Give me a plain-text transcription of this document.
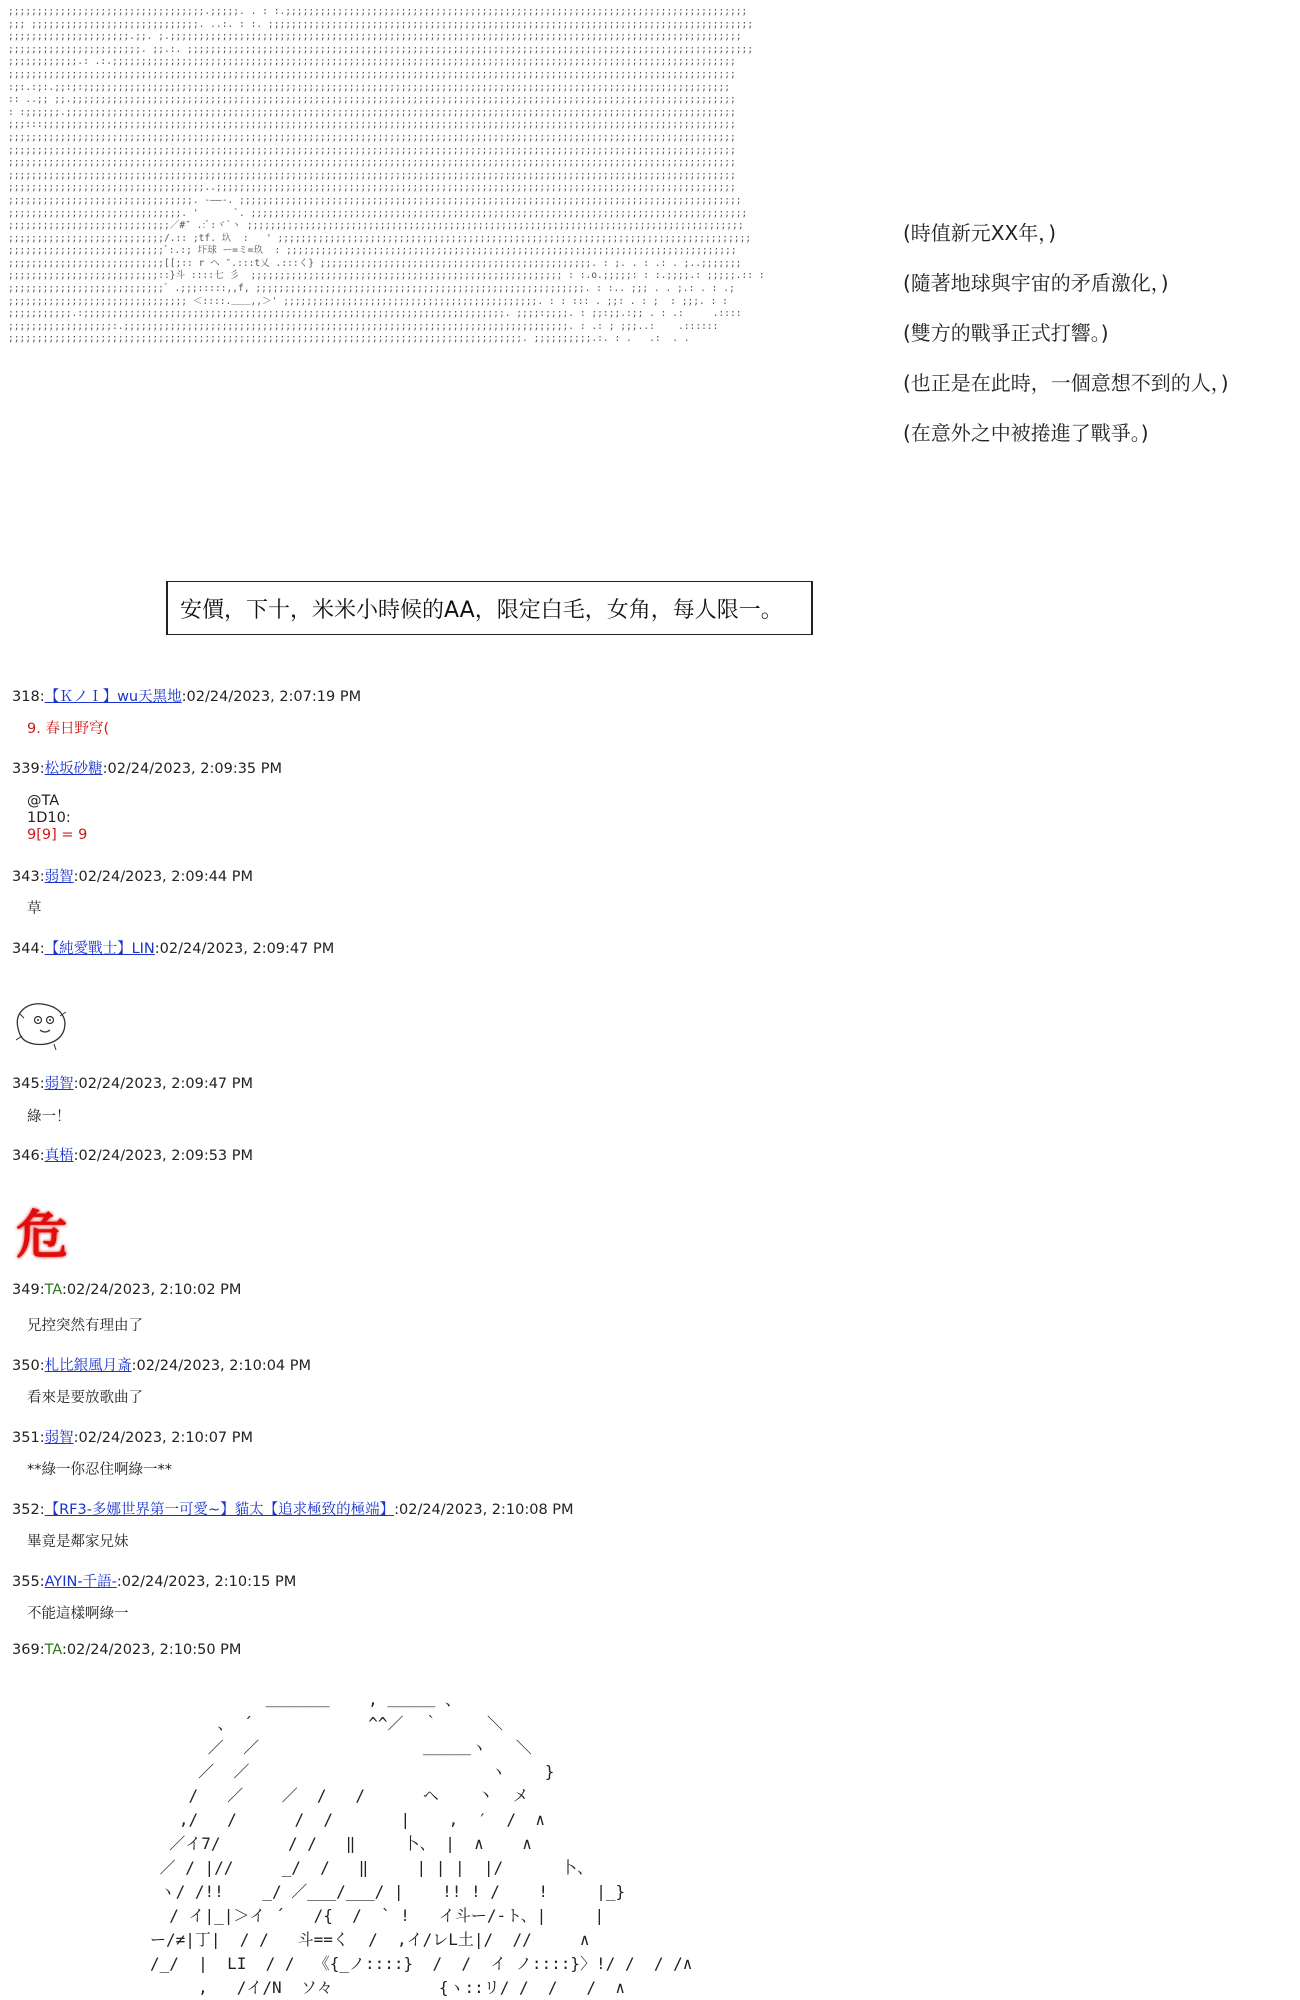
;;;;;;;;;;;;;;;;;;;;;;;;;;;;;;;;;;.;;;;;. . : :.;;;;;;;;;;;;;;;;;;;;;;;;;;;;;;;;;;;;;;;;;;;;;;;;;;;;;;;;;;;;;;;;;;;;;;;;;;;;;;;;
;;; ;;;;;;;;;;;;;;;;;;;;;;;;;;;;;. ..:. : :. ;;;;;;;;;;;;;;;;;;;;;;;;;;;;;;;;;;;;;;;;;;;;;;;;;;;;;;;;;;;;;;;;;;;;;;;;;;;;;;;;;;;;
;;;;;;;;;;;;;;;;;;;;;.;;. ;.;;;;;;;;;;;;;;;;;;;;;;;;;;;;;;;;;;;;;;;;;;;;;;;;;;;;;;;;;;;;;;;;;;;;;;;;;;;;;;;;;;;;;;;;;;;;;;;;;;;
;;;;;;;;;;;;;;;;;;;;;;;. ;;.:. ;;;;;;;;;;;;;;;;;;;;;;;;;;;;;;;;;;;;;;;;;;;;;;;;;;;;;;;;;;;;;;;;;;;;;;;;;;;;;;;;;;;;;;;;;;;;;;;;;;
;;;;;;;;;;;;.: .:.;;;;;;;;;;;;;;;;;;;;;;;;;;;;;;;;;;;;;;;;;;;;;;;;;;;;;;;;;;;;;;;;;;;;;;;;;;;;;;;;;;;;;;;;;;;;;;;;;;;;;;;;;;;;
;;;;;;;;;;;;;;;;;;;;;;;;;;;;;;;;;;;;;;;;;;;;;;;;;;;;;;;;;;;;;;;;;;;;;;;;;;;;;;;;;;;;;;;;;;;;;;;;;;;;;;;;;;;;;;;;;;;;;;;;;;;;;;
:;:.:;:.;;:;:;;;;;;;;;;;;;;;;;;;;;;;;;;;;;;;;;;;;;;;;;;;;;;;;;;;;;;;;;;;;;;;;;;;;;;;;;;;;;;;;;;;;;;;;;;;;;;;;;;;;;;;;;;;;;;;;
:: ..;; ;;.;;;;;;;;;;;;;;;;;;;;;;;;;;;;;;;;;;;;;;;;;;;;;;;;;;;;;;;;;;;;;;;;;;;;;;;;;;;;;;;;;;;;;;;;;;;;;;;;;;;;;;;;;;;;;;;;;;;
: :;;;;;;.;;;;;;;;;;;;;;;;;;;;;;;;;;;;;;;;;;;;;;;;;;;;;;;;;;;;;;;;;;;;;;;;;;;;;;;;;;;;;;;;;;;;;;;;;;;;;;;;;;;;;;;;;;;;;;;;;;;;
;;;:::;;;;;;;;;;;;;;;;;;;;;;;;;;;;;;;;;;;;;;;;;;;;;;;;;;;;;;;;;;;;;;;;;;;;;;;;;;;;;;;;;;;;;;;;;;;;;;;;;;;;;;;;;;;;;;;;;;;;;;;;
;;;;;;;;;;;;;;;;;;;;;;;;;;;;;;;;;;;;;;;;;;;;;;;;;;;;;;;;;;;;;;;;;;;;;;;;;;;;;;;;;;;;;;;;;;;;;;;;;;;;;;;;;;;;;;;;;;;;;;;;;;;;;;
;;;;;;;;;;;;;;;;;;;;;;;;;;;;;;;;;;;;;;;;;;;;;;;;;;;;;;;;;;;;;;;;;;;;;;;;;;;;;;;;;;;;;;;;;;;;;;;;;;;;;;;;;;;;;;;;;;;;;;;;;;;;;;
;;;;;;;;;;;;;;;;;;;;;;;;;;;;;;;;;;;;;;;;;;;;;;;;;;;;;;;;;;;;;;;;;;;;;;;;;;;;;;;;;;;;;;;;;;;;;;;;;;;;;;;;;;;;;;;;;;;;;;;;;;;;;;
;;;;;;;;;;;;;;;;;;;;;;;;;;;;;;;;;;;;;;;;;;;;;;;;;;;;;;;;;;;;;;;;;;;;;;;;;;;;;;;;;;;;;;;;;;;;;;;;;;;;;;;;;;;;;;;;;;;;;;;;;;;;;;
;;;;;;;;;;;;;;;;;;;;;;;;;;;;;;;;;;..;;;;;;;;;;;;;;;;;;;;;;;;;;;;;;;;;;;;;;;;;;;;;;;;;;;;;;;;;;;;;;;;;;;;;;;;;;;;;;;;;;;;;;;;;;
;;;;;;;;;;;;;;;;;;;;;;;;;;;;;;;;. -――-. ;;;;;;;;;;;;;;;;;;;;;;;;;;;;;;;;;;;;;;;;;;;;;;;;;;;;;;;;;;;;;;;;;;;;;;;;;;;;;;;;;;;;;;;
;;;;;;;;;;;;;;;;;;;;;;;;;;;;;;. '      `. ;;;;;;;;;;;;;;;;;;;;;;;;;;;;;;;;;;;;;;;;;;;;;;;;;;;;;;;;;;;;;;;;;;;;;;;;;;;;;;;;;;;;;;
;;;;;;;;;;;;;;;;;;;;;;;;;;;;／#″ .:ﾞ:ヾ`ヽ ;;;;;;;;;;;;;;;;;;;;;;;;;;;;;;;;;;;;;;;;;;;;;;;;;;;;;;;;;;;;;;;;;;;;;;;;;;;;;;;;;;;;;;
;;;;;;;;;;;;;;;;;;;;;;;;;;;/.:: ;tf. 圦  :   ' ;;;;;;;;;;;;;;;;;;;;;;;;;;;;;;;;;;;;;;;;;;;;;;;;;;;;;;;;;;;;;;;;;;;;;;;;;;;;;;;;;;
;;;;;;;;;;;;;;;;;;;;;;;;;;;ﾞ:.:; 圷球 ー=ミ=玖  : ;;;;;;;;;;;;;;;;;;;;;;;;;;;;;;;;;;;;;;;;;;;;;;;;;;;;;;;;;;;;;;;;;;;;;;;;;;;;;;
;;;;;;;;;;;;;;;;;;;;;;;;;;;[[;:: r ヘ ″.:::t乂 .:::く} ;;;;;;;;;;;;;;;;;;;;;;;;;;;;;;;;;;;;;;;;;;;;;;;. : ;. . : .: . ;..;;;;;;;
;;;;;;;;;;;;;;;;;;;;;;;;;;::}斗 ::::七 彡  ;;;;;;;;;;;;;;;;;;;;;;;;;;;;;;;;;;;;;;;;;;;;;;;;;;;;;; : :.o.;;;;;: : :.;;;;.: ;;;;;.:: :
;;;;;;;;;;;;;;;;;;;;;;;;;;;ﾞ .;;;:::::,,f, ;;;;;;;;;;;;;;;;;;;;;;;;;;;;;;;;;;;;;;;;;;;;;;;;;;;;;;;;;. : :.. ;;; . . ;.: . : .;
;;;;;;;;;;;;;;;;;;;;;;;;;;;;;;; ＜::::.＿＿,,＞' ;;;;;;;;;;;;;;;;;;;;;;;;;;;;;;;;;;;;;;;;;;;;. : : ::: . ;;: . : ;  : ;;;. : :
;;;;;;;;;;;.:;;;;;;;;;;;;;;;;;;;;;;;;;;;;;;;;;;;;;;;;;;;;;;;;;;;;;;;;;;;;;;;;;;;;;;;;;. ;;;;:;;;;. : ;;:;;.:;; . : .:     .::::
;;;;;;;;;;;;;;;;;;:.;;;;;;;;;;;;;;;;;;;;;;;;;;;;;;;;;;;;;;;;;;;;;;;;;;;;;;;;;;;;;;;;;;;;;;;;;;;;;. : .: ; ;;;..:    .::::::
;;;;;;;;;;;;;;;;;;;;;;;;;;;;;;;;;;;;;;;;;;;;;;;;;;;;;;;;;;;;;;;;;;;;;;;;;;;;;;;;;;;;;;;;;. ;;;;;;;;;;.:. : .   .:  . .
(時值新元XX年，)
(隨著地球與宇宙的矛盾激化，)
(雙方的戰爭正式打響。)
(也正是在此時，一個意想不到的人，)
(在意外之中被捲進了戰爭。)
安價，下十，米米小時候的AA，限定白毛，女角，每人限一。
318:【ＫノＩ】wu天黑地:02/24/2023, 2:07:19 PM
9. 春日野穹(
339:松坂砂糖:02/24/2023, 2:09:35 PM
@TA
1D10:
9[9] = 9
343:弱智:02/24/2023, 2:09:44 PM
草
344:【純愛戰士】LIN:02/24/2023, 2:09:47 PM
345:弱智:02/24/2023, 2:09:47 PM
綠一！
346:真梧:02/24/2023, 2:09:53 PM
危
349:TA:02/24/2023, 2:10:02 PM
兄控突然有理由了
350:札比銀風月斎:02/24/2023, 2:10:04 PM
看來是要放歌曲了
351:弱智:02/24/2023, 2:10:07 PM
**綠一你忍住啊綠一**
352:【RF3-多娜世界第一可愛~】貓太【追求極致的極端】:02/24/2023, 2:10:08 PM
畢竟是鄰家兄妹
355:AYIN-千語-:02/24/2023, 2:10:15 PM
不能這樣啊綠一
369:TA:02/24/2023, 2:10:50 PM
＿＿＿＿    , ＿＿＿ 、
、 ´            ^^／  ｀     ＼
／  ／                 ＿＿＿ヽ   ＼
／  ／                         ヽ    }
/   ／    ／  /   /      ヘ    丶  メ
,/   /      /  /       |    ,  ′  /  ∧
／イ7/       / /   ‖     卜、 |  ∧    ∧
／ / |//     _/  /   ‖     | | |  |/      卜、
ヽ/ /!!    _/ ／___/___/ |    !! ! /    !     |_}
/ イ|_|＞イ ´   /{  /  ` !   イ斗ー/-ト、|     |
ー/≠|丁|  / /   斗==く  /  ,イ/レL土|/  //     ∧
/_/  |  LI  / /  《{_ノ::::}  /  /  イ ノ::::}〉!/ /  / /∧
,   /イ/N  ソ々           {ヽ::リ/ /  /   /  ∧
